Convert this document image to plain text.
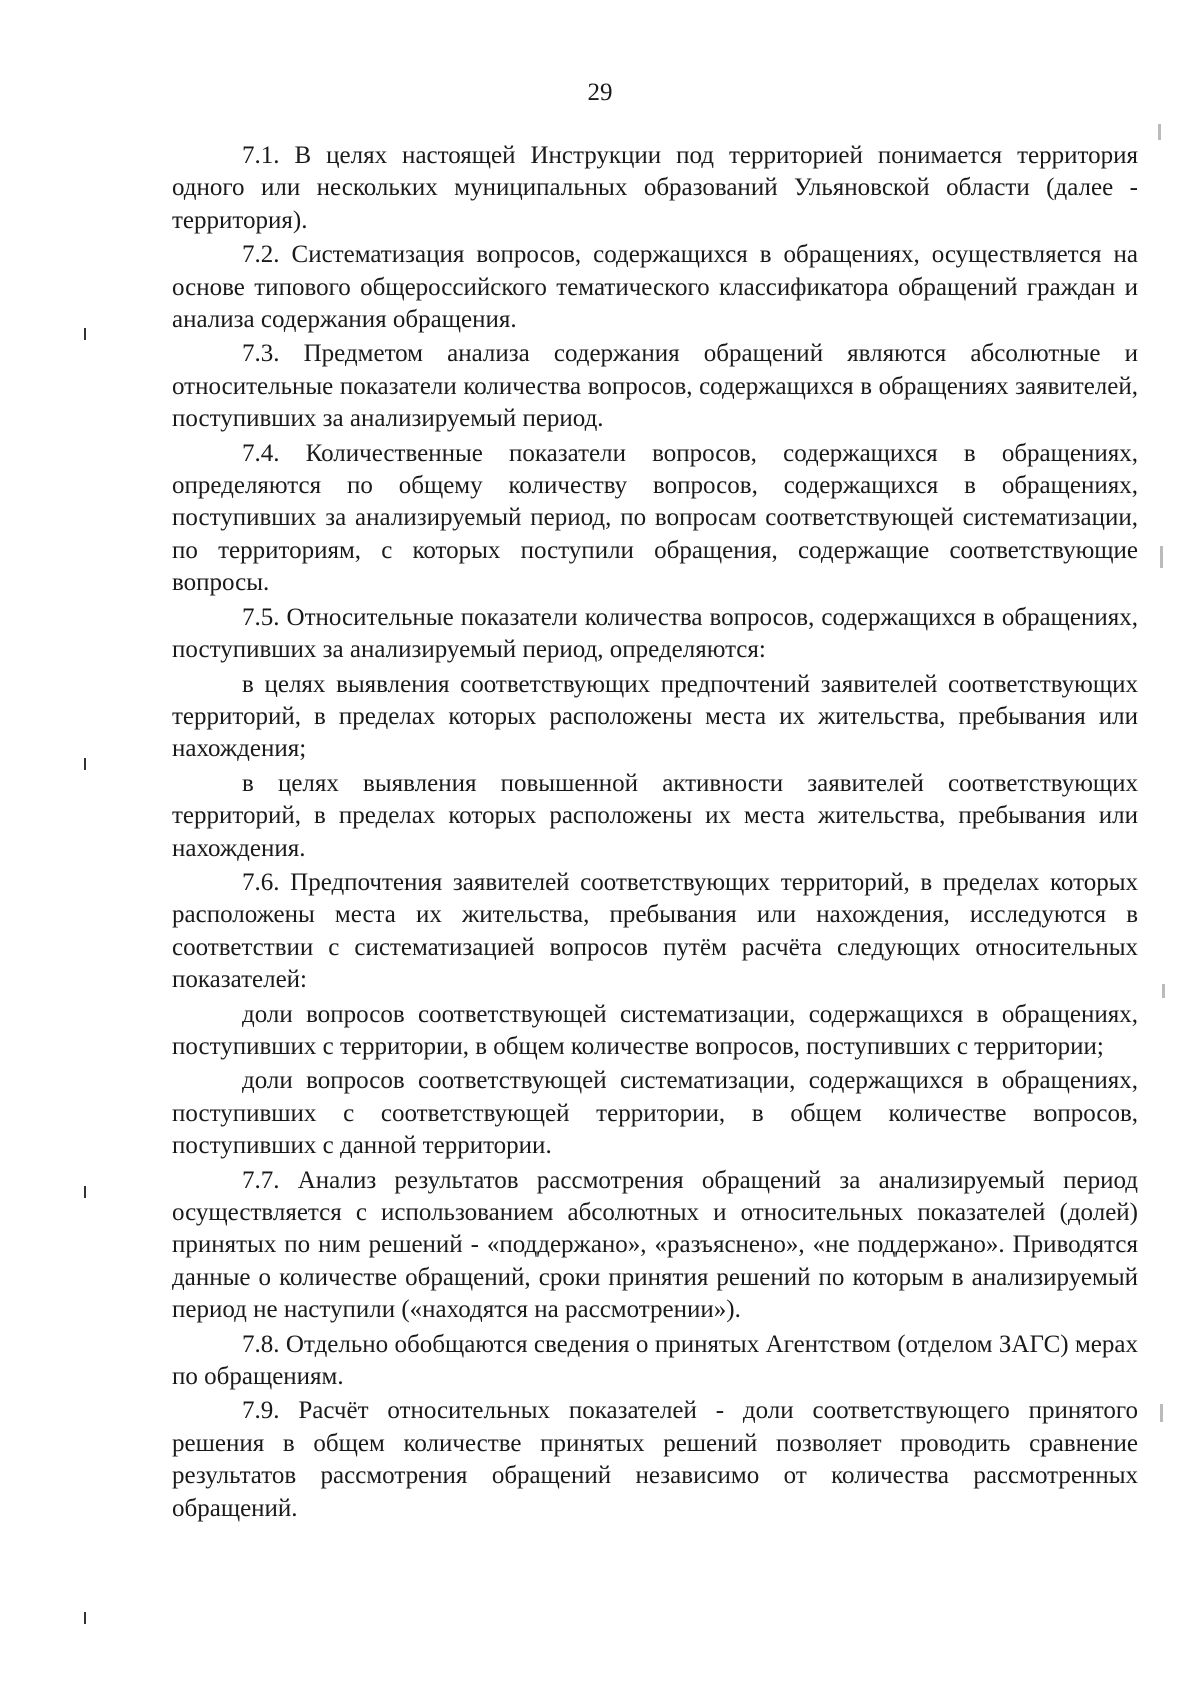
29

7.1. В целях настоящей Инструкции под территорией понимается территория одного или нескольких муниципальных образований Ульяновской области (далее - территория).

7.2. Систематизация вопросов, содержащихся в обращениях, осуществляется на основе типового общероссийского тематического классификатора обращений граждан и анализа содержания обращения.

7.3. Предметом анализа содержания обращений являются абсолютные и относительные показатели количества вопросов, содержащихся в обращениях заявителей, поступивших за анализируемый период.

7.4. Количественные показатели вопросов, содержащихся в обращениях, определяются по общему количеству вопросов, содержащихся в обращениях, поступивших за анализируемый период, по вопросам соответствующей систематизации, по территориям, с которых поступили обращения, содержащие соответствующие вопросы.

7.5. Относительные показатели количества вопросов, содержащихся в обращениях, поступивших за анализируемый период, определяются:

в целях выявления соответствующих предпочтений заявителей соответствующих территорий, в пределах которых расположены места их жительства, пребывания или нахождения;

в целях выявления повышенной активности заявителей соответствующих территорий, в пределах которых расположены их места жительства, пребывания или нахождения.

7.6. Предпочтения заявителей соответствующих территорий, в пределах которых расположены места их жительства, пребывания или нахождения, исследуются в соответствии с систематизацией вопросов путём расчёта следующих относительных показателей:

доли вопросов соответствующей систематизации, содержащихся в обращениях, поступивших с территории, в общем количестве вопросов, поступивших с территории;

доли вопросов соответствующей систематизации, содержащихся в обращениях, поступивших с соответствующей территории, в общем количестве вопросов, поступивших с данной территории.

7.7. Анализ результатов рассмотрения обращений за анализируемый период осуществляется с использованием абсолютных и относительных показателей (долей) принятых по ним решений - «поддержано», «разъяснено», «не поддержано». Приводятся данные о количестве обращений, сроки принятия решений по которым в анализируемый период не наступили («находятся на рассмотрении»).

7.8. Отдельно обобщаются сведения о принятых Агентством (отделом ЗАГС) мерах по обращениям.

7.9. Расчёт относительных показателей - доли соответствующего принятого решения в общем количестве принятых решений позволяет проводить сравнение результатов рассмотрения обращений независимо от количества рассмотренных обращений.
